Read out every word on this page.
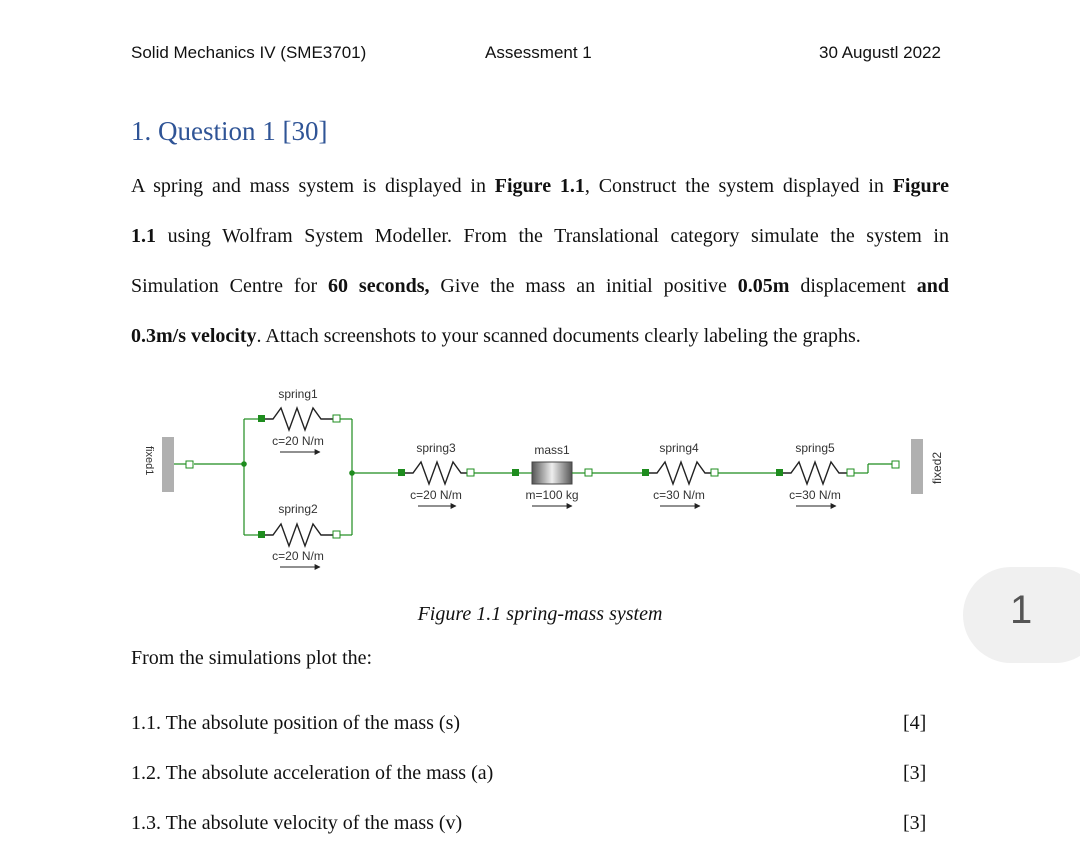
Solid Mechanics IV (SME3701)	Assessment 1	30 Augustl 2022
1. Question 1 [30]
A spring and mass system is displayed in Figure 1.1, Construct the system displayed in Figure
1.1 using Wolfram System Modeller. From the Translational category simulate the system in
Simulation Centre for 60 seconds, Give the mass an initial positive 0.05m displacement and
0.3m/s velocity. Attach screenshots to your scanned documents clearly labeling the graphs.
fixed1
spring1
c=20 N/m
spring2
c=20 N/m
spring3
c=20 N/m
mass1
m=100 kg
spring4
c=30 N/m
spring5
c=30 N/m
fixed2
Figure 1.1 spring-mass system
From the simulations plot the:
1.1. The absolute position of the mass (s)	[4]
1.2. The absolute acceleration of the mass (a)	[3]
1.3. The absolute velocity of the mass (v)	[3]
1
